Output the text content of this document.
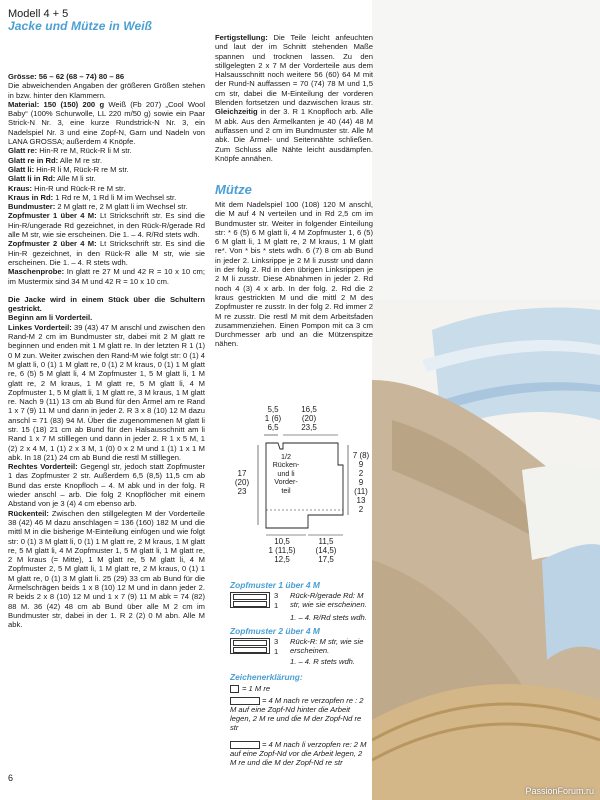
Modell 4 + 5
Jacke und Mütze in Weiß

Grösse: 56 – 62 (68 – 74) 80 – 86

Die abweichenden Angaben der größeren Größen stehen in bzw. hinter den Klammern.

Material: 150 (150) 200 g Weiß (Fb 207) „Cool Wool Baby“ (100% Schurwolle, LL 220 m/50 g) sowie ein Paar Strick-N Nr. 3, eine kurze Rundstrick-N Nr. 3, ein Nadelspiel Nr. 3 und eine Zopf-N, Garn und Nadeln von LANA GROSSA; außerdem 4 Knöpfe.

Glatt re: Hin-R re M, Rück-R li M str.

Glatt re in Rd: Alle M re str.

Glatt li: Hin-R li M, Rück-R re M str.

Glatt li in Rd: Alle M li str.

Kraus: Hin-R und Rück-R re M str.

Kraus in Rd: 1 Rd re M, 1 Rd li M im Wechsel str.

Bundmuster: 2 M glatt re, 2 M glatt li im Wechsel str.

Zopfmuster 1 über 4 M: Lt Strickschrift str. Es sind die Hin-R/ungerade Rd gezeichnet, in den Rück-R/gerade Rd alle M str, wie sie erscheinen. Die 1. – 4. R/Rd stets wdh.

Zopfmuster 2 über 4 M: Lt Strickschrift str. Es sind die Hin-R gezeichnet, in den Rück-R alle M str, wie sie erscheinen. Die 1. – 4. R stets wdh.

Maschenprobe: In glatt re 27 M und 42 R = 10 x 10 cm; im Mustermix sind 34 M und 42 R = 10 x 10 cm.

Die Jacke wird in einem Stück über die Schultern gestrickt.

Beginn am li Vorderteil.

Linkes Vorderteil: 39 (43) 47 M anschl und zwischen den Rand-M 2 cm im Bundmuster str, dabei mit 2 M glatt re beginnen und enden mit 1 M glatt re. In der letzten R 1 (1) 0 M zun. Weiter zwischen den Rand-M wie folgt str: 0 (1) 4 M glatt li, 0 (1) 1 M glatt re, 0 (1) 2 M kraus, 0 (1) 1 M glatt re, 6 (5) 5 M glatt li, 4 M Zopfmuster 1, 5 M glatt li, 1 M glatt re, 2 M kraus, 1 M glatt re, 5 M glatt li, 4 M Zopfmuster 1, 5 M glatt li, 1 M glatt re, 3 M kraus, 1 M glatt re. Nach 9 (11) 13 cm ab Bund für den Ärmel am re Rand 1 x 7 (9) 11 M und dann in jeder 2. R 3 x 8 (10) 12 M dazu anschl = 71 (83) 94 M. Über die zugenommenen M glatt li str. 15 (18) 21 cm ab Bund für den Halsausschnitt am li Rand 1 x 7 M stilllegen und dann in jeder 2. R 1 x 5 M, 1 (2) 2 x 4 M, 1 (1) 2 x 3 M, 1 (0) 0 x 2 M und 1 (1) 1 x 1 M abk. In 18 (21) 24 cm ab Bund die restl M stilllegen.

Rechtes Vorderteil: Gegengl str, jedoch statt Zopfmuster 1 das Zopfmuster 2 str. Außerdem 6,5 (8,5) 11,5 cm ab Bund das erste Knopfloch – 4. M abk und in der folg. R wieder anschl – arb. Die folg 2 Knopflöcher mit einem Abstand von je 3 (4) 4 cm ebenso arb.

Rückenteil: Zwischen den stillgelegten M der Vorderteile 38 (42) 46 M dazu anschlagen = 136 (160) 182 M und die mittl M in die bisherige M-Einteilung einfügen und wie folgt str: 0 (1) 3 M glatt li, 0 (1) 1 M glatt re, 2 M kraus, 1 M glatt re, 5 M glatt li, 4 M Zopfmuster 1, 5 M glatt li, 1 M glatt re, 2 M kraus (= Mitte), 1 M glatt re, 5 M glatt li, 4 M Zopfmuster 2, 5 M glatt li, 1 M glatt re, 2 M kraus, 0 (1) 1 M glatt re, 0 (1) 3 M glatt li. 25 (29) 33 cm ab Bund für die Ärmelschrägen beids 1 x 8 (10) 12 M und in dann jeder 2. R beids 2 x 8 (10) 12 M und 1 x 7 (9) 11 M abk = 74 (82) 88 M. 36 (42) 48 cm ab Bund über alle M 2 cm im Bundmuster str, dabei in der 1. R 2 (2) 0 M abn. Alle M abk.

Fertigstellung: Die Teile leicht anfeuchten und laut der im Schnitt stehenden Maße spannen und trocknen lassen. Zu den stillgelegten 2 x 7 M der Vorderteile aus dem Halsausschnitt noch weitere 56 (60) 64 M mit der Rund-N auffassen = 70 (74) 78 M und 1,5 cm str, dabei die M-Einteilung der vorderen Blenden fortsetzen und dazwischen kraus str. Gleichzeitig in der 3. R 1 Knopfloch arb. Alle M abk. Aus den Ärmelkanten je 40 (44) 48 M auffassen und 2 cm im Bundmuster str. Alle M abk. Die Ärmel- und Seitennähte schließen. Zum Schluss alle Nähte leicht ausdämpfen. Knöpfe annähen.

Mütze

Mit dem Nadelspiel 100 (108) 120 M anschl, die M auf 4 N verteilen und in Rd 2,5 cm im Bundmuster str. Weiter in folgender Einteilung str: * 6 (5) 6 M glatt li, 4 M Zopfmuster 1, 6 (5) 6 M glatt li, 1 M glatt re, 2 M kraus, 1 M glatt re*. Von * bis * stets wdh. 6 (7) 8 cm ab Bund in jeder 2. Linksrippe je 2 M li zusstr und dann in der folg 2. Rd in den übrigen Linksrippen je 2 M li zusstr. Diese Abnahmen in jeder 2. Rd noch 4 (3) 4 x arb. In der folg. 2. Rd die 2 kraus gestrickten M und die mittl 2 M des Zopfmuster re zusstr. In der folg 2. Rd immer 2 M re zusstr. Die restl M mit dem Arbeitsfaden zusammenziehen. Einen Pompon mit ca 3 cm Durchmesser arb und an die Mützenspitze nähen.

5,5
1 (6)
6,5
16,5
(20)
23,5
17
(20)
23
1/2
Rücken-
und li
Vorder-
teil
7 (8)
9
2
9
(11)
13
2
10,5
1 (11,5)
12,5
11,5
(14,5)
17,5
Zopfmuster 1 über 4 M
3
1
Rück-R/gerade Rd: M str, wie sie erscheinen.
1. – 4. R/Rd stets wdh.
Zopfmuster 2 über 4 M
3
1
Rück-R: M str, wie sie erscheinen.
1. – 4. R stets wdh.
Zeichenerklärung:
= 1 M re
= 4 M nach re verzopfen re : 2 M auf eine Zopf-Nd hinter die Arbeit legen, 2 M re und die M der Zopf-Nd re str
= 4 M nach li verzopfen re: 2 M auf eine Zopf-Nd vor die Arbeit legen, 2 M re und die M der Zopf-Nd re str
6
PassionForum.ru
